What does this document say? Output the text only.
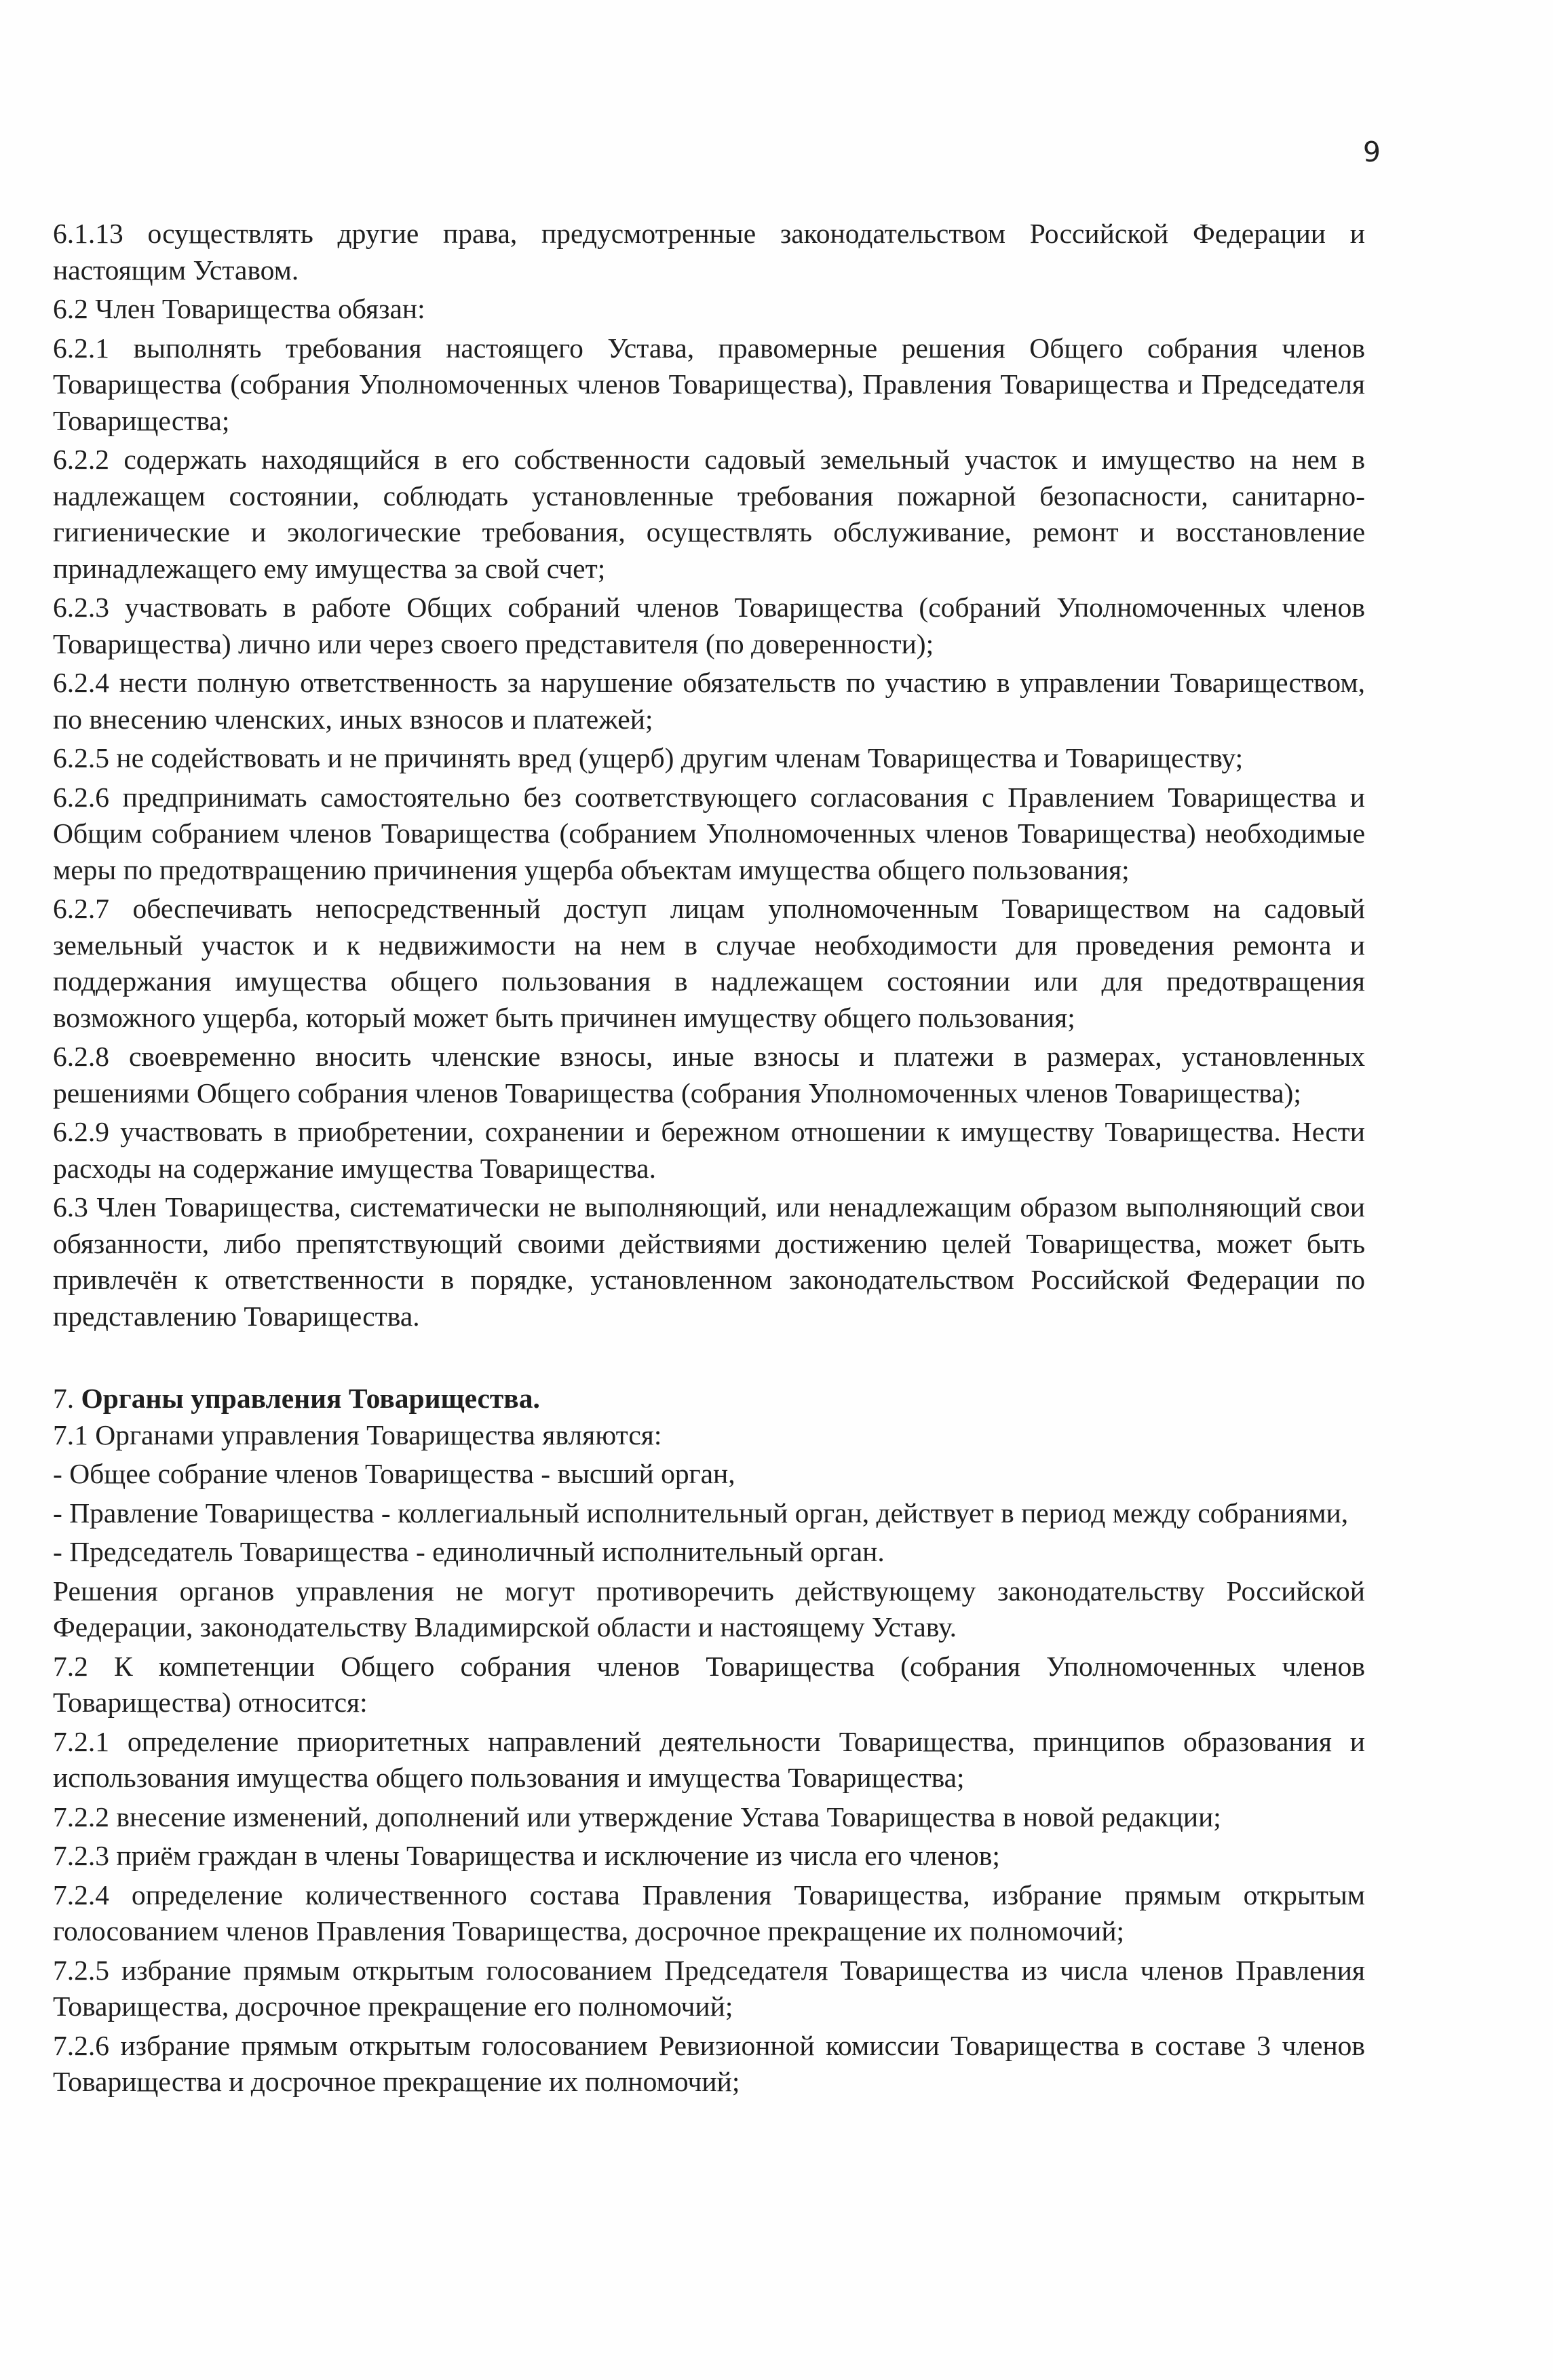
9

6.1.13 осуществлять другие права, предусмотренные законодательством Российской Федерации и настоящим Уставом.

6.2 Член Товарищества обязан:

6.2.1 выполнять требования настоящего Устава, правомерные решения Общего собрания членов Товарищества (собрания Уполномоченных членов Товарищества), Правления Товарищества и Председателя Товарищества;

6.2.2 содержать находящийся в его собственности садовый земельный участок и имущество на нем в надлежащем состоянии, соблюдать установленные требования пожарной безопасности, санитарно-гигиенические и экологические требования, осуществлять обслуживание, ремонт и восстановление принадлежащего ему имущества за свой счет;

6.2.3 участвовать в работе Общих собраний членов Товарищества (собраний Уполномоченных членов Товарищества) лично или через своего представителя (по доверенности);

6.2.4 нести полную ответственность за нарушение обязательств по участию в управлении Товариществом, по внесению членских, иных взносов и платежей;

6.2.5 не содействовать и не причинять вред (ущерб) другим членам Товарищества и Товариществу;

6.2.6 предпринимать самостоятельно без соответствующего согласования с Правлением Товарищества и Общим собранием членов Товарищества (собранием Уполномоченных членов Товарищества) необходимые меры по предотвращению причинения ущерба объектам имущества общего пользования;

6.2.7 обеспечивать непосредственный доступ лицам уполномоченным Товариществом на садовый земельный участок и к недвижимости на нем в случае необходимости для проведения ремонта и поддержания имущества общего пользования в надлежащем состоянии или для предотвращения возможного ущерба, который может быть причинен имуществу общего пользования;

6.2.8 своевременно вносить членские взносы, иные взносы и платежи в размерах, установленных решениями Общего собрания членов Товарищества (собрания Уполномоченных членов Товарищества);

6.2.9 участвовать в приобретении, сохранении и бережном отношении к имуществу Товарищества. Нести расходы на содержание имущества Товарищества.

6.3 Член Товарищества, систематически не выполняющий, или ненадлежащим образом выполняющий свои обязанности, либо препятствующий своими действиями достижению целей Товарищества, может быть привлечён к ответственности в порядке, установленном законодательством Российской Федерации по представлению Товарищества.

7. Органы управления Товарищества.

7.1 Органами управления Товарищества являются:

- Общее собрание членов Товарищества - высший орган,

- Правление Товарищества - коллегиальный исполнительный орган, действует в период между собраниями,

- Председатель Товарищества - единоличный исполнительный орган.

Решения органов управления не могут противоречить действующему законодательству Российской Федерации, законодательству Владимирской области и настоящему Уставу.

7.2 К компетенции Общего собрания членов Товарищества (собрания Уполномоченных членов Товарищества) относится:

7.2.1 определение приоритетных направлений деятельности Товарищества, принципов образования и использования имущества общего пользования и имущества Товарищества;

7.2.2 внесение изменений, дополнений или утверждение Устава Товарищества в новой редакции;

7.2.3 приём граждан в члены Товарищества и исключение из числа его членов;

7.2.4 определение количественного состава Правления Товарищества, избрание прямым открытым голосованием членов Правления Товарищества, досрочное прекращение их полномочий;

7.2.5 избрание прямым открытым голосованием Председателя Товарищества из числа членов Правления Товарищества, досрочное прекращение его полномочий;

7.2.6 избрание прямым открытым голосованием Ревизионной комиссии Товарищества в составе 3 членов Товарищества и досрочное прекращение их полномочий;
